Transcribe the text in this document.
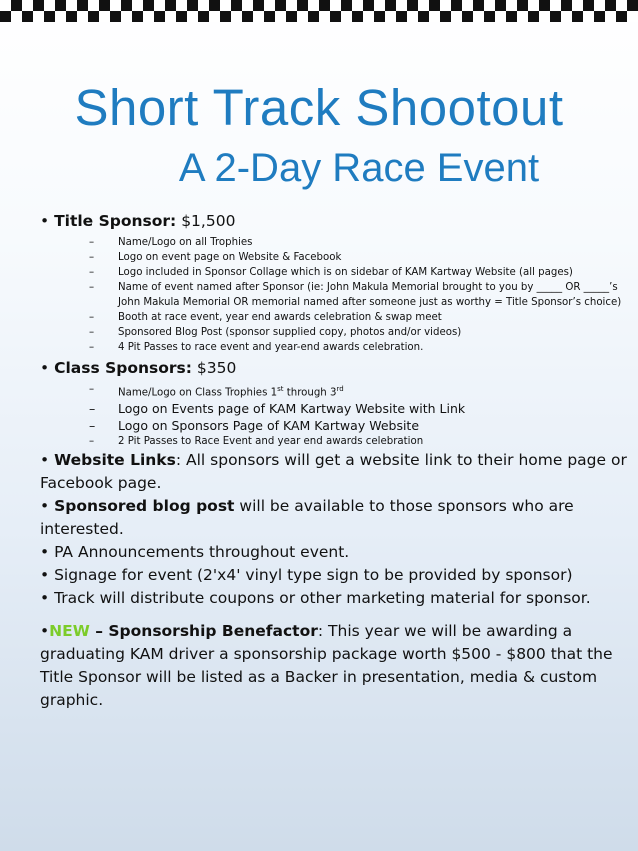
Short Track Shootout
A 2-Day Race Event

• Title Sponsor: $1,500

– Name/Logo on all Trophies
– Logo on event page on Website & Facebook
– Logo included in Sponsor Collage which is on sidebar of KAM Kartway Website (all pages)
– Name of event named after Sponsor (ie: John Makula Memorial brought to you by _____ OR _____’s John Makula Memorial OR memorial named after someone just as worthy = Title Sponsor’s choice)
– Booth at race event, year end awards celebration & swap meet
– Sponsored Blog Post (sponsor supplied copy, photos and/or videos)
– 4 Pit Passes to race event and year-end awards celebration.

• Class Sponsors: $350

– Name/Logo on Class Trophies 1st through 3rd
– Logo on Events page of KAM Kartway Website with Link
– Logo on Sponsors Page of KAM Kartway Website
– 2 Pit Passes to Race Event and year end awards celebration

• Website Links: All sponsors will get a website link to their home page or Facebook page.

• Sponsored blog post will be available to those sponsors who are interested.

• PA Announcements throughout event.

• Signage for event (2'x4' vinyl type sign to be provided by sponsor)

• Track will distribute coupons or other marketing material for sponsor.

•NEW – Sponsorship Benefactor: This year we will be awarding a graduating KAM driver a sponsorship package worth $500 - $800 that the Title Sponsor will be listed as a Backer in presentation, media & custom graphic.
